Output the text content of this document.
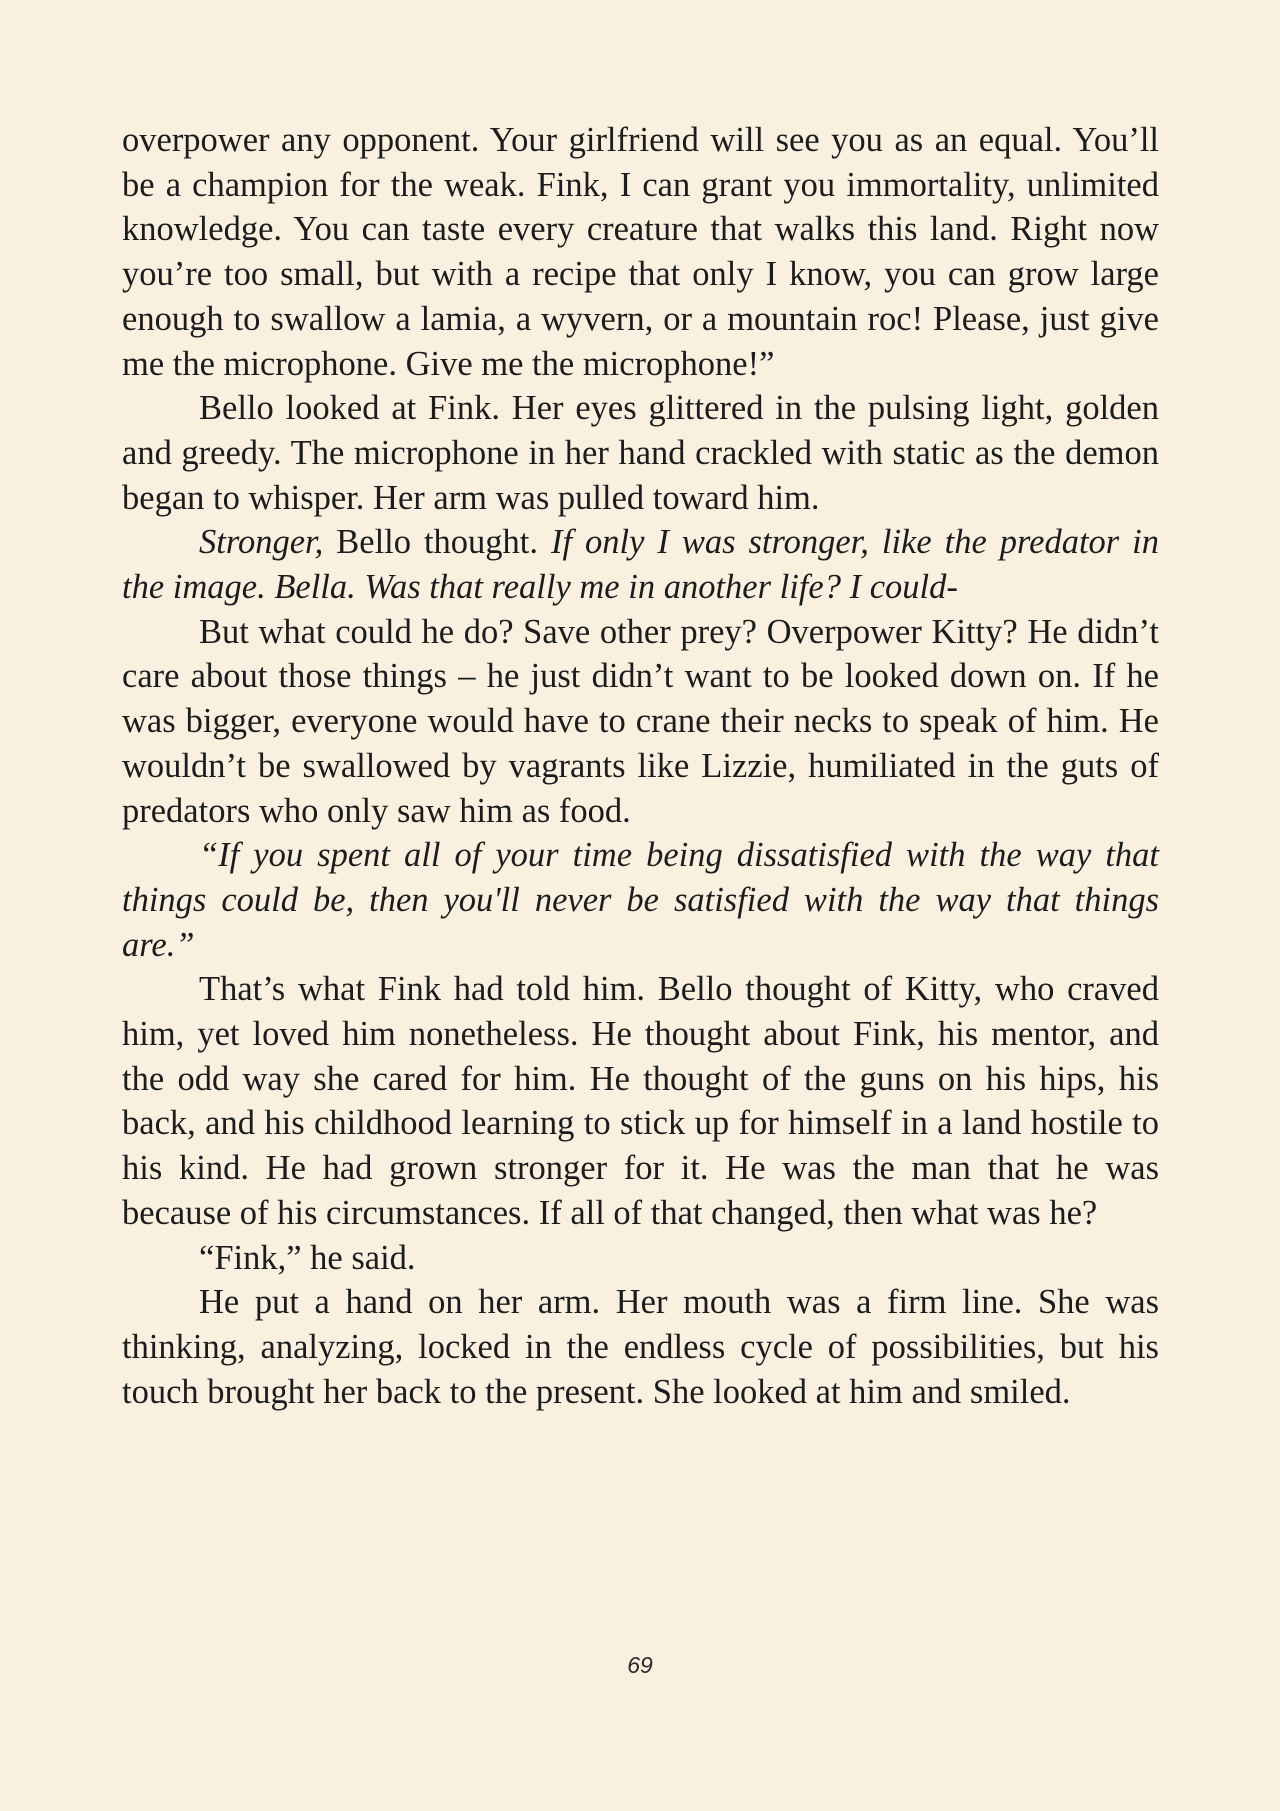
overpower any opponent. Your girlfriend will see you as an equal. You’ll be a champion for the weak. Fink, I can grant you immortality, unlimited knowledge. You can taste every creature that walks this land. Right now you’re too small, but with a recipe that only I know, you can grow large enough to swallow a lamia, a wyvern, or a mountain roc! Please, just give me the microphone. Give me the microphone!”

Bello looked at Fink. Her eyes glittered in the pulsing light, golden and greedy. The microphone in her hand crackled with static as the demon began to whisper. Her arm was pulled toward him.

Stronger, Bello thought. If only I was stronger, like the predator in the image. Bella. Was that really me in another life? I could-

But what could he do? Save other prey? Overpower Kitty? He didn’t care about those things – he just didn’t want to be looked down on. If he was bigger, everyone would have to crane their necks to speak of him. He wouldn’t be swallowed by vagrants like Lizzie, humiliated in the guts of predators who only saw him as food.

“If you spent all of your time being dissatisfied with the way that things could be, then you'll never be satisfied with the way that things are.”

That’s what Fink had told him. Bello thought of Kitty, who craved him, yet loved him nonetheless. He thought about Fink, his mentor, and the odd way she cared for him. He thought of the guns on his hips, his back, and his childhood learning to stick up for himself in a land hostile to his kind. He had grown stronger for it. He was the man that he was because of his circumstances. If all of that changed, then what was he?

“Fink,” he said.

He put a hand on her arm. Her mouth was a firm line. She was thinking, analyzing, locked in the endless cycle of possibilities, but his touch brought her back to the present. She looked at him and smiled.

69
